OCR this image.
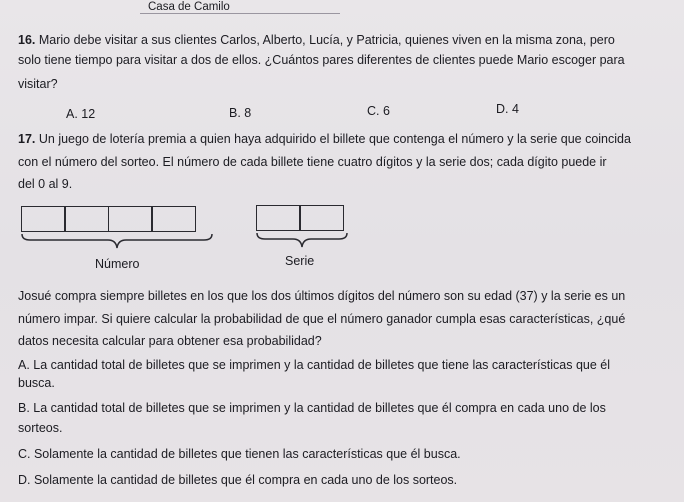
Casa de Camilo
16. Mario debe visitar a sus clientes Carlos, Alberto, Lucía, y Patricia, quienes viven en la misma zona, pero
solo tiene tiempo para visitar a dos de ellos. ¿Cuántos pares diferentes de clientes puede Mario escoger para
visitar?
A. 12	B. 8	C. 6	D. 4
17. Un juego de lotería premia a quien haya adquirido el billete que contenga el número y la serie que coincida
con el número del sorteo. El número de cada billete tiene cuatro dígitos y la serie dos; cada dígito puede ir
del 0 al 9.
Número	Serie
Josué compra siempre billetes en los que los dos últimos dígitos del número son su edad (37) y la serie es un
número impar. Si quiere calcular la probabilidad de que el número ganador cumpla esas características, ¿qué
datos necesita calcular para obtener esa probabilidad?
A. La cantidad total de billetes que se imprimen y la cantidad de billetes que tiene las características que él
busca.
B. La cantidad total de billetes que se imprimen y la cantidad de billetes que él compra en cada uno de los
sorteos.
C. Solamente la cantidad de billetes que tienen las características que él busca.
D. Solamente la cantidad de billetes que él compra en cada uno de los sorteos.
